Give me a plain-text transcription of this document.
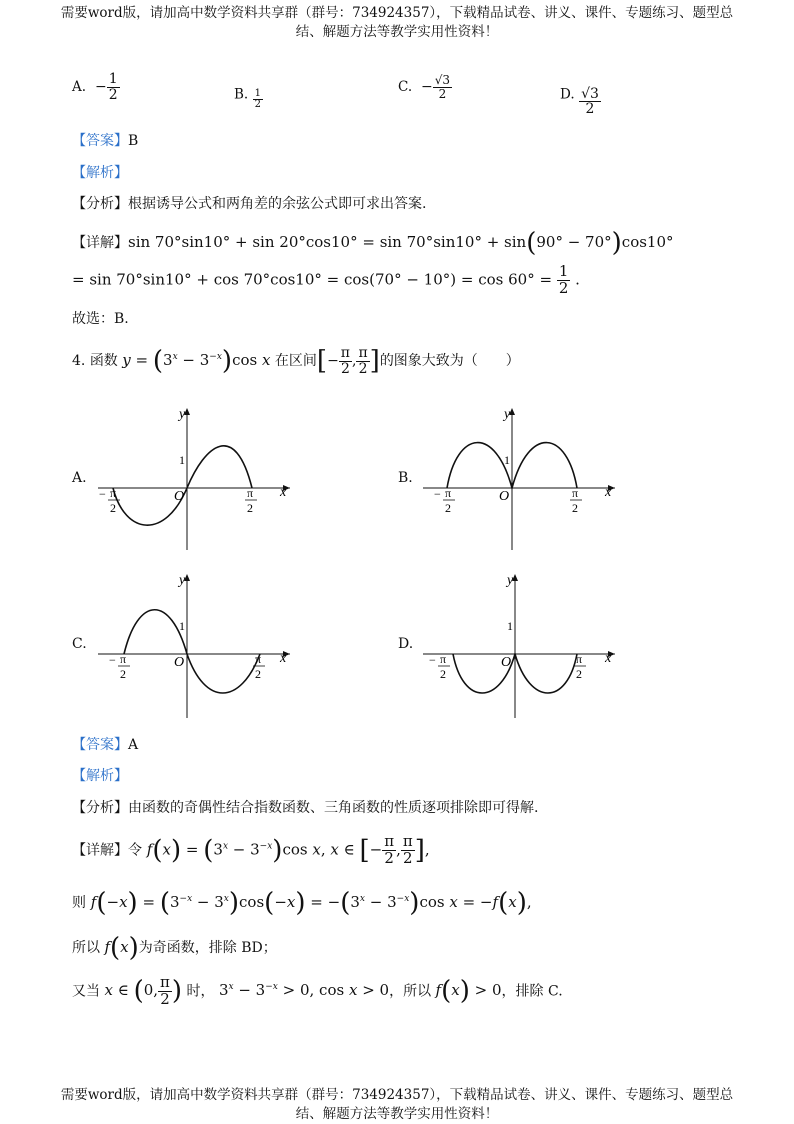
需要word版，请加高中数学资料共享群（群号：734924357），下载精品试卷、讲义、课件、专题练习、题型总
结、解题方法等教学实用性资料！
A.  − $\frac{1}{2}$	B. $\frac{1}{2}$	C.  − $\frac{√3}{2}$	D. $\frac{√3}{2}$
【答案】B
【解析】
【分析】根据诱导公式和两角差的余弦公式即可求出答案.
【详解】sin 70°sin10° + sin 20°cos10° = sin 70°sin10° + sin(90° − 70°)cos10°
= $\sin 70^\circ\sin 10^\circ + \cos 70^\circ\cos 10^\circ = \cos(70^\circ - 10^\circ) = \cos 60^\circ = \frac{1}{2}$ .
故选：B.
4. 函数 $y = (3^x - 3^{-x})\cos$ x 在区间[− $\frac{\pi}{2}$ , $\frac{\pi}{2}$ ]的图象大致为（　　）
A.
y
x
O
1
− π
2
π
2
B.
y
x
O
1
− π
2
π
2
C.
y
x
O
1
− π
2
π
2
D.
y
x
O
1
− π
2
π
2
【答案】A
【解析】
【分析】由函数的奇偶性结合指数函数、三角函数的性质逐项排除即可得解.
【详解】令 $f(x) = (3^x - 3^{-x})\cos$ x, x ∈ [− $\frac{\pi}{2}$ , $\frac{\pi}{2}$ ],
则 $f(-x) = (3^{-x} - 3^x)\cos(-x) = -(3^x - 3^{-x})\cos$ x = −f(x),
所以 f(x)为奇函数，排除 BD；
又当 x ∈ (0, $\frac{\pi}{2}$ ) 时， $3^x - 3^{-x} > 0$, cos x > 0，所以 f(x) > 0，排除 C.
需要word版，请加高中数学资料共享群（群号：734924357），下载精品试卷、讲义、课件、专题练习、题型总
结、解题方法等教学实用性资料！
